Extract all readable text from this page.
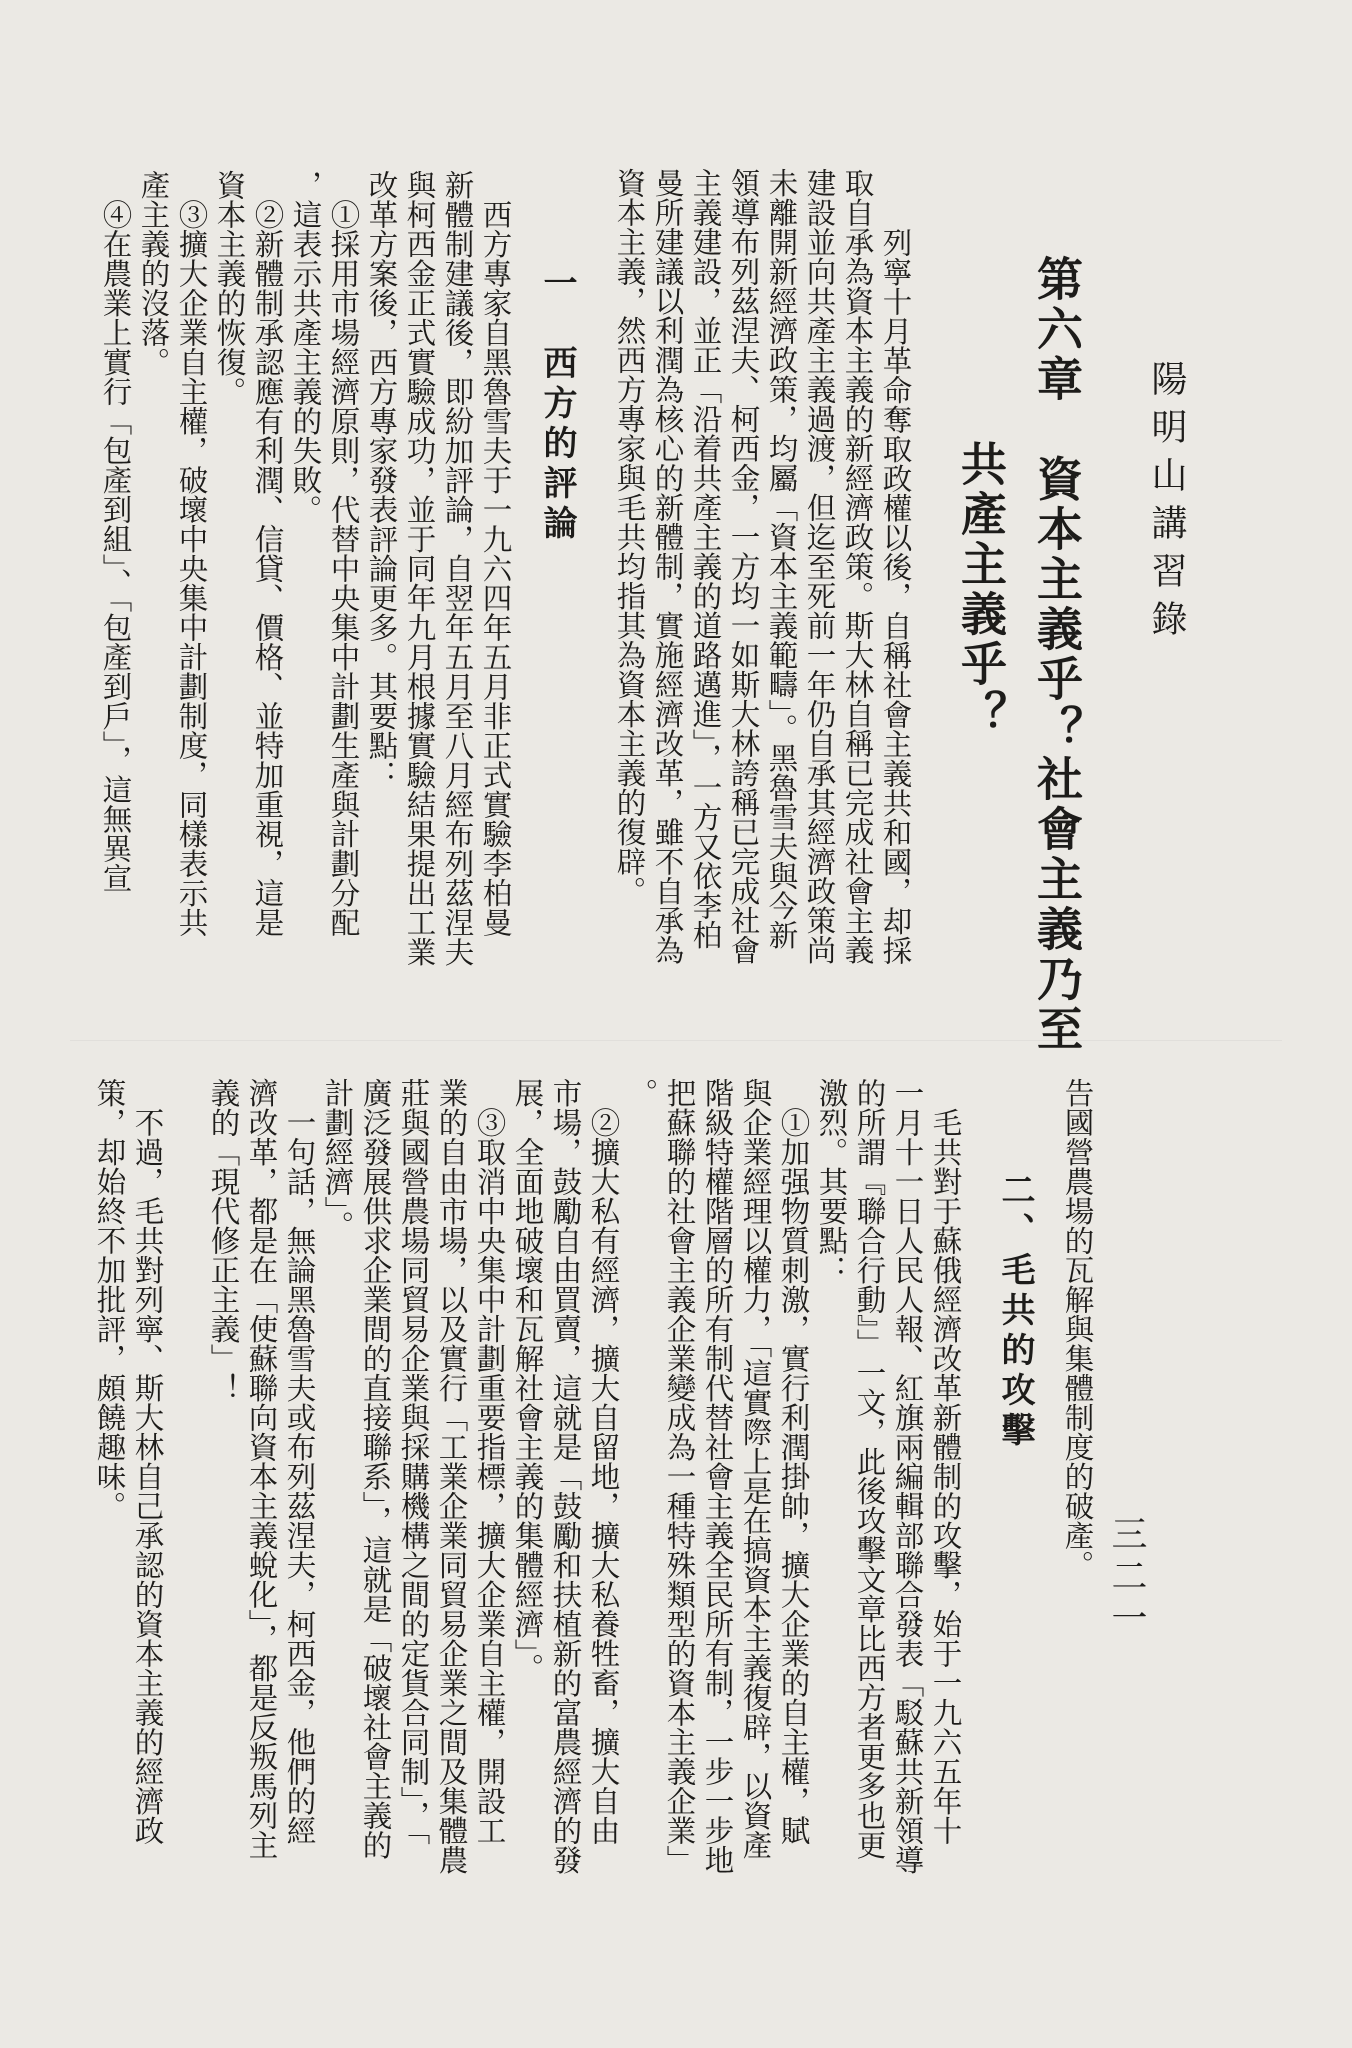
陽明山講習錄
三二一
第六章　資本主義乎？社會主義乃至
共產主義乎？
　列寧十月革命奪取政權以後，自稱社會主義共和國，却採
取自承為資本主義的新經濟政策。斯大林自稱已完成社會主義
建設並向共產主義過渡，但迄至死前一年仍自承其經濟政策尚
未離開新經濟政策，均屬「資本主義範疇」。黑魯雪夫與今新
領導布列茲涅夫、柯西金，一方均一如斯大林誇稱已完成社會
主義建設，並正「沿着共產主義的道路邁進」，一方又依李柏
曼所建議以利潤為核心的新體制，實施經濟改革，雖不自承為
資本主義，然西方專家與毛共均指其為資本主義的復辟。
一　西方的評論
　西方專家自黑魯雪夫于一九六四年五月非正式實驗李柏曼
新體制建議後，即紛加評論，自翌年五月至八月經布列茲涅夫
與柯西金正式實驗成功，並于同年九月根據實驗結果提出工業
改革方案後，西方專家發表評論更多。其要點：
　①採用市場經濟原則，代替中央集中計劃生產與計劃分配
，這表示共產主義的失敗。
　②新體制承認應有利潤、信貸、價格、並特加重視，這是
資本主義的恢復。
　③擴大企業自主權，破壞中央集中計劃制度，同樣表示共
產主義的沒落。
　④在農業上實行「包產到組」、「包產到戶」，這無異宣
告國營農場的瓦解與集體制度的破產。
二、毛共的攻擊
　毛共對于蘇俄經濟改革新體制的攻擊，始于一九六五年十
一月十一日人民人報、紅旗兩編輯部聯合發表「駁蘇共新領導
的所謂『聯合行動』」一文，此後攻擊文章比西方者更多也更
激烈。其要點：
　①加强物質刺激，實行利潤掛帥，擴大企業的自主權，賦
與企業經理以權力，「這實際上是在搞資本主義復辟，以資產
階級特權階層的所有制代替社會主義全民所有制，一步一步地
把蘇聯的社會主義企業變成為一種特殊類型的資本主義企業」
。
　②擴大私有經濟，擴大自留地，擴大私養牲畜，擴大自由
市場，鼓勵自由買賣，這就是「鼓勵和扶植新的富農經濟的發
展，全面地破壞和瓦解社會主義的集體經濟」。
　③取消中央集中計劃重要指標，擴大企業自主權，開設工
業的自由市場，以及實行「工業企業同貿易企業之間及集體農
莊與國營農場同貿易企業與採購機構之間的定貨合同制」，「
廣泛發展供求企業間的直接聯系」，這就是「破壞社會主義的
計劃經濟」。
　一句話，無論黑魯雪夫或布列茲涅夫，柯西金，他們的經
濟改革，都是在「使蘇聯向資本主義蛻化」，都是反叛馬列主
義的「現代修正主義」！
　不過，毛共對列寧、斯大林自己承認的資本主義的經濟政
策，却始終不加批評，頗饒趣味。
